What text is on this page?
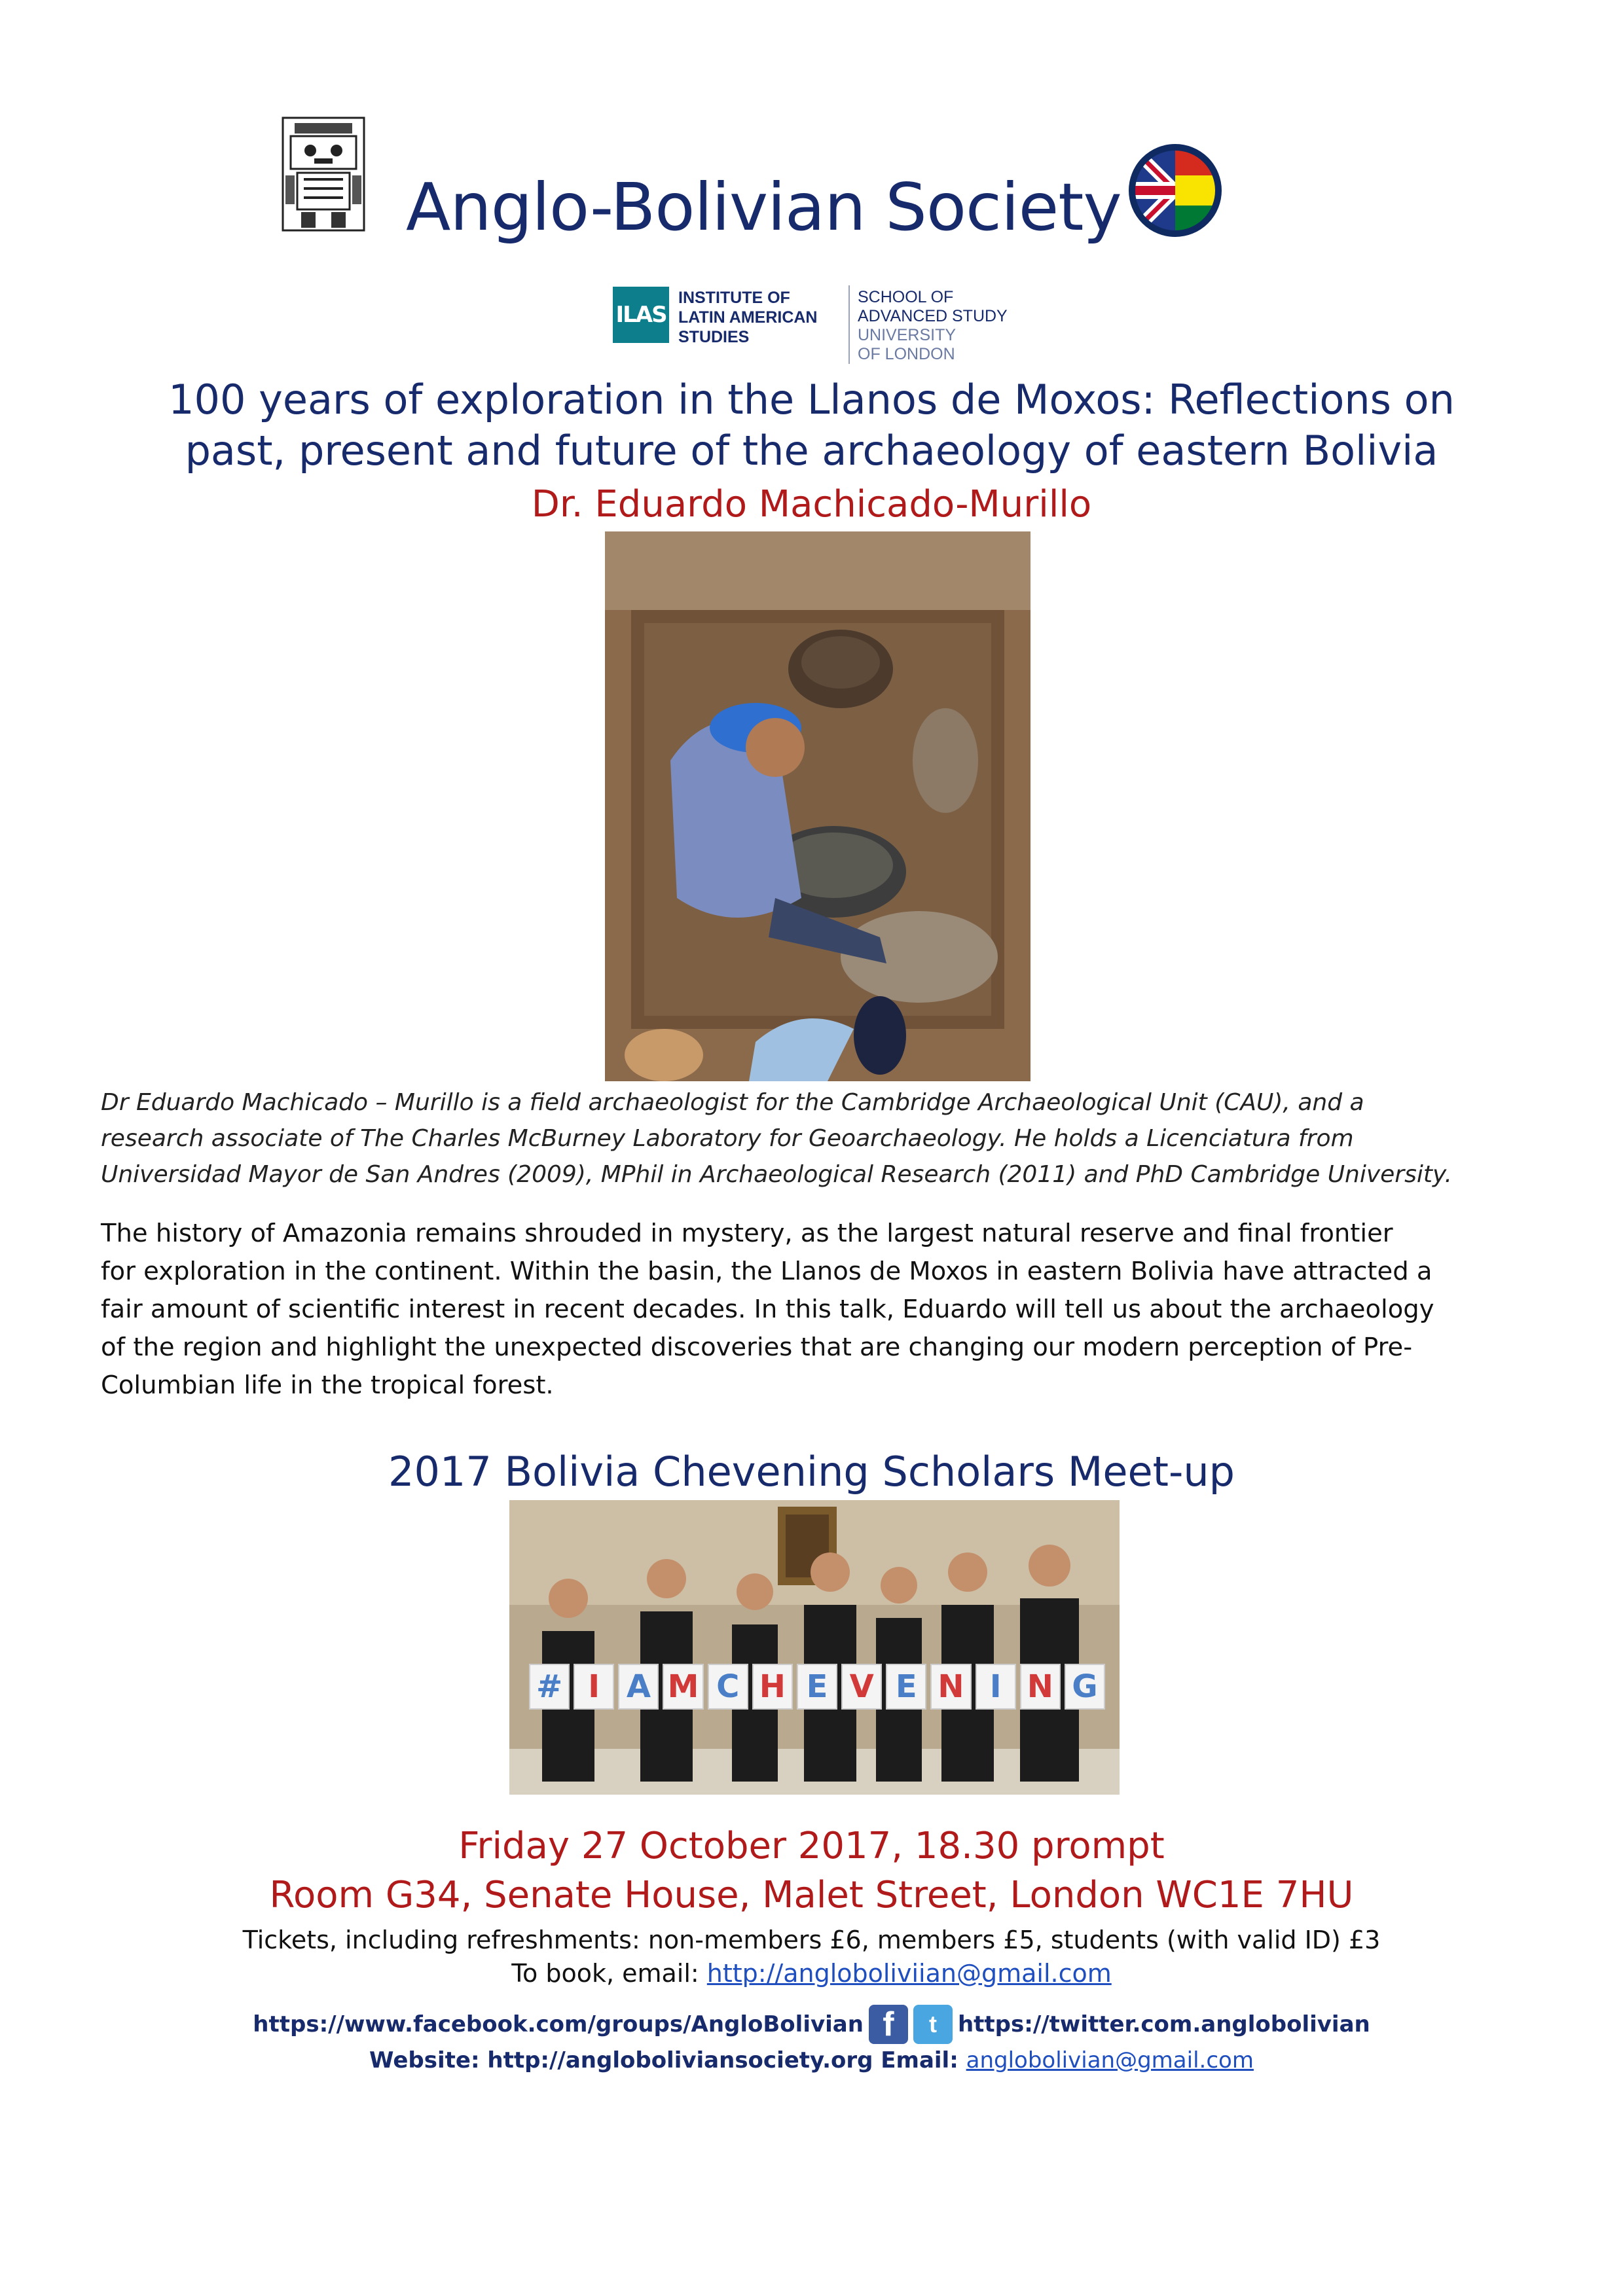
Anglo-Bolivian Society
ILAS
INSTITUTE OF
LATIN AMERICAN
STUDIES
SCHOOL OF
ADVANCED STUDY
UNIVERSITY
OF LONDON
100 years of exploration in the Llanos de Moxos: Reflections on
past, present and future of the archaeology of eastern Bolivia
Dr. Eduardo Machicado-Murillo
Dr Eduardo Machicado – Murillo is a field archaeologist for the Cambridge Archaeological Unit (CAU), and a
research associate of The Charles McBurney Laboratory for Geoarchaeology. He holds a Licenciatura from
Universidad Mayor de San Andres (2009), MPhil in Archaeological Research (2011) and PhD Cambridge University.
The history of Amazonia remains shrouded in mystery, as the largest natural reserve and final frontier
for exploration in the continent. Within the basin, the Llanos de Moxos in eastern Bolivia have attracted a
fair amount of scientific interest in recent decades. In this talk, Eduardo will tell us about the archaeology
of the region and highlight the unexpected discoveries that are changing our modern perception of Pre-
Columbian life in the tropical forest.
2017 Bolivia Chevening Scholars Meet-up
# I A M C H E V E N I N G
Friday 27 October 2017, 18.30 prompt
Room G34, Senate House, Malet Street, London WC1E 7HU
Tickets, including refreshments: non-members £6, members £5, students (with valid ID) £3
To book, email: http://angloboliviian@gmail.com
https://www.facebook.com/groups/AngloBolivian f	t https://twitter.com.anglobolivian
Website: http://angloboliviansociety.org Email: anglobolivian@gmail.com
